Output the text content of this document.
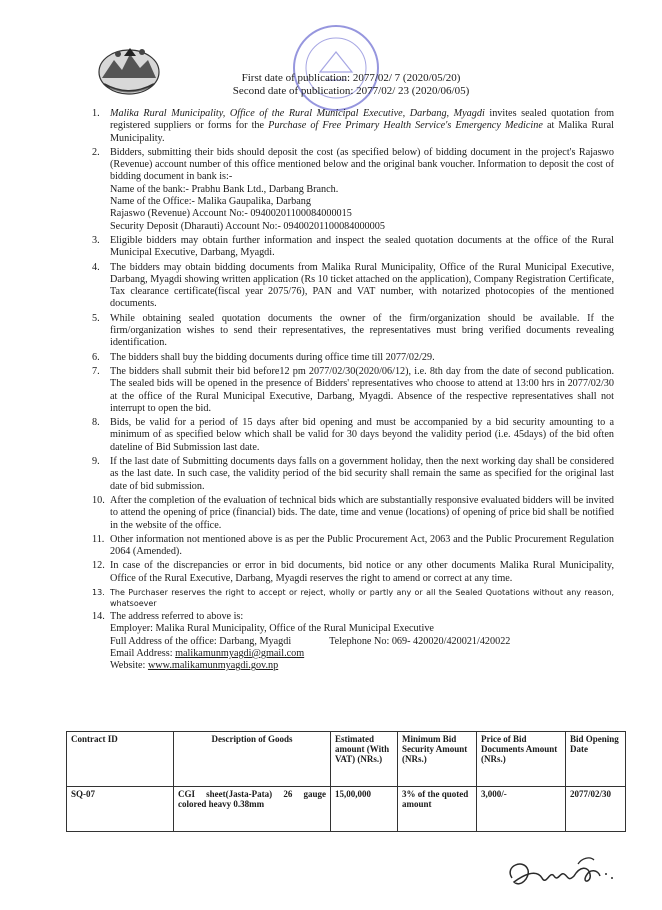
First date of publication: 2077/02/ 7 (2020/05/20)
Second date of publication: 2077/02/ 23 (2020/06/05)
1. Malika Rural Municipality, Office of the Rural Municipal Executive, Darbang, Myagdi invites sealed quotation from registered suppliers or forms for the Purchase of Free Primary Health Service's Emergency Medicine at Malika Rural Municipality.

2. Bidders, submitting their bids should deposit the cost (as specified below) of bidding document in the project's Rajaswo (Revenue) account number of this office mentioned below and the original bank voucher. Information to deposit the cost of bidding document in bank is:-

Name of the bank:- Prabhu Bank Ltd., Darbang Branch.
Name of the Office:- Malika Gaupalika, Darbang
Rajaswo (Revenue) Account No:- 09400201100084000015
Security Deposit (Dharauti) Account No:- 09400201100084000005
3. Eligible bidders may obtain further information and inspect the sealed quotation documents at the office of the Rural Municipal Executive, Darbang, Myagdi.

4. The bidders may obtain bidding documents from Malika Rural Municipality, Office of the Rural Municipal Executive, Darbang, Myagdi showing written application (Rs 10 ticket attached on the application), Company Registration Certificate, Tax clearance certificate(fiscal year 2075/76), PAN and VAT number, with notarized photocopies of the mentioned documents.

5. While obtaining sealed quotation documents the owner of the firm/organization should be available. If the firm/organization wishes to send their representatives, the representatives must bring verified documents revealing identification.

6. The bidders shall buy the bidding documents during office time till 2077/02/29.

7. The bidders shall submit their bid before12 pm 2077/02/30(2020/06/12), i.e. 8th day from the date of second publication. The sealed bids will be opened in the presence of Bidders' representatives who choose to attend at 13:00 hrs in 2077/02/30 at the office of the Rural Municipal Executive, Darbang, Myagdi. Absence of the respective representatives shall not interrupt to open the bid.

8. Bids, be valid for a period of 15 days after bid opening and must be accompanied by a bid security amounting to a minimum of as specified below which shall be valid for 30 days beyond the validity period (i.e. 45days) of the bid often dateline of Bid Submission last date.

9. If the last date of Submitting documents days falls on a government holiday, then the next working day shall be considered as the last date. In such case, the validity period of the bid security shall remain the same as specified for the original last date of bid submission.

10. After the completion of the evaluation of technical bids which are substantially responsive evaluated bidders will be invited to attend the opening of price (financial) bids. The date, time and venue (locations) of opening of price bid shall be notified in the website of the office.

11. Other information not mentioned above is as per the Public Procurement Act, 2063 and the Public Procurement Regulation 2064 (Amended).

12. In case of the discrepancies or error in bid documents, bid notice or any other documents Malika Rural Municipality, Office of the Rural Executive, Darbang, Myagdi reserves the right to amend or correct at any time.

13. The Purchaser reserves the right to accept or reject, wholly or partly any or all the Sealed Quotations without any reason, whatsoever

14. The address referred to above is:

Employer: Malika Rural Municipality, Office of the Rural Municipal Executive
Full Address of the office: Darbang, Myagdi	Telephone No: 069- 420020/420021/420022
Email Address: malikamunmyagdi@gmail.com
Website: www.malikamunmyagdi.gov.np
Contract ID	Description of Goods	Estimated amount (With VAT) (NRs.)	Minimum Bid Security Amount (NRs.)	Price of Bid Documents Amount (NRs.)	Bid Opening Date
SQ-07	CGI sheet(Jasta-Pata) 26 gauge colored heavy 0.38mm	15,00,000	3% of the quoted amount	3,000/-	2077/02/30
